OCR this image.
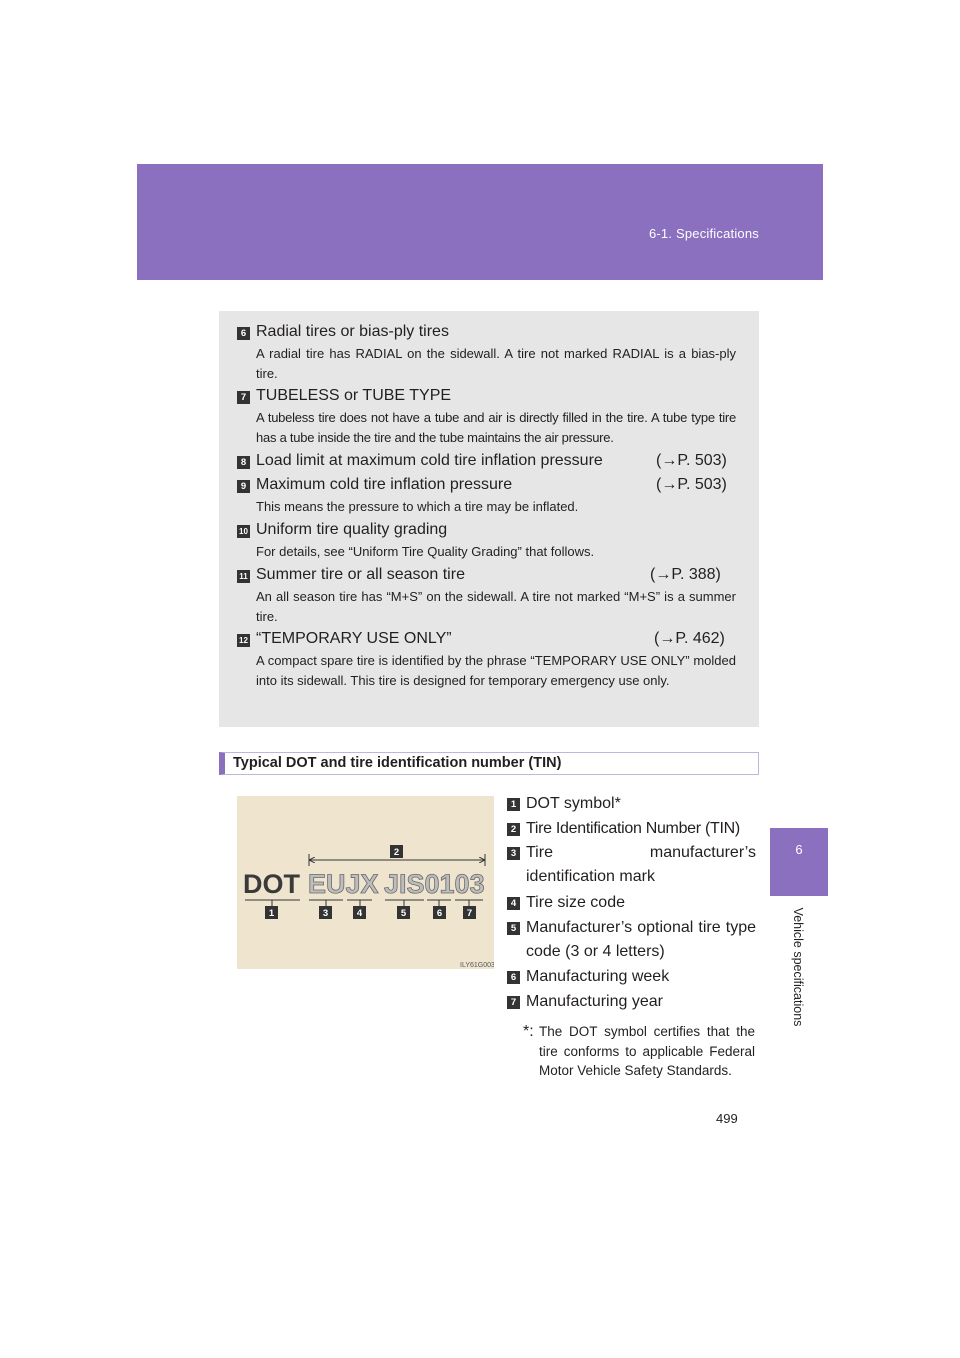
6-1. Specifications
6
Vehicle specifications
6 Radial tires or bias-ply tires
A radial tire has RADIAL on the sidewall. A tire not marked RADIAL is a bias-ply tire.
7 TUBELESS or TUBE TYPE
A tubeless tire does not have a tube and air is directly filled in the tire. A tube type tire has a tube inside the tire and the tube maintains the air pressure.
8 Load limit at maximum cold tire inflation pressure	(→P. 503)
9 Maximum cold tire inflation pressure	(→P. 503)
This means the pressure to which a tire may be inflated.
10 Uniform tire quality grading
For details, see “Uniform Tire Quality Grading” that follows.
11 Summer tire or all season tire	(→P. 388)
An all season tire has “M+S” on the sidewall. A tire not marked “M+S” is a summer tire.
12 “TEMPORARY USE ONLY”	(→P. 462)
A compact spare tire is identified by the phrase “TEMPORARY USE ONLY” molded into its sidewall. This tire is designed for temporary emergency use only.
Typical DOT and tire identification number (TIN)
2
DOT EUJX JIS0103
1	3	4	5	6	7
ILY61G003
1 DOT symbol*
2 Tire Identification Number (TIN)
3 Tire manufacturer’s identification mark
4 Tire size code
5 Manufacturer’s optional tire type code (3 or 4 letters)
6 Manufacturing week
7 Manufacturing year
*: The DOT symbol certifies that the tire conforms to applicable Federal Motor Vehicle Safety Standards.
499
